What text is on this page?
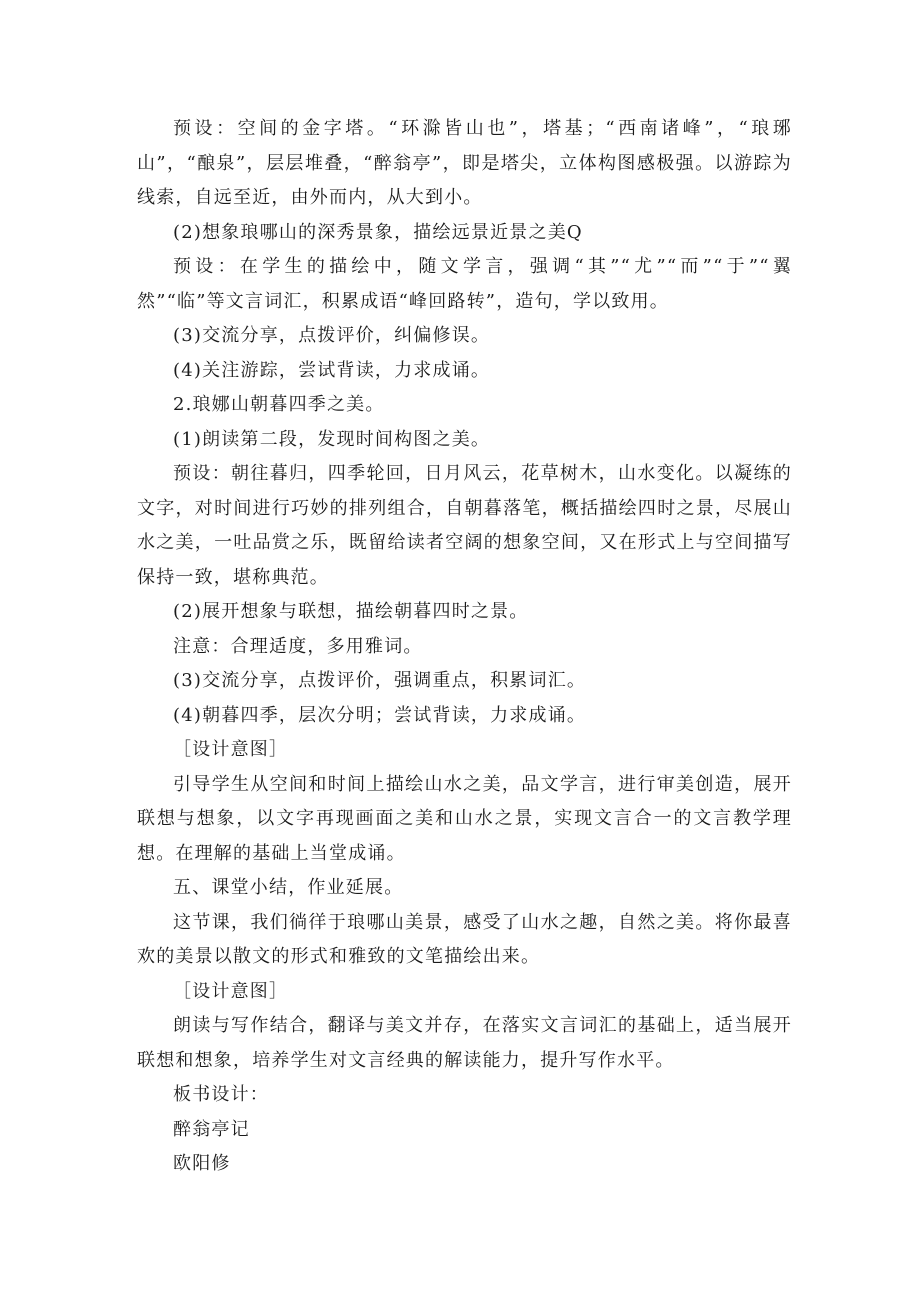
预设：空间的金字塔。“环滁皆山也”，塔基；“西南诸峰”，“琅琊山”，“酿泉”，层层堆叠，“醉翁亭”，即是塔尖，立体构图感极强。以游踪为线索，自远至近，由外而内，从大到小。

(2)想象琅哪山的深秀景象，描绘远景近景之美Q

预设：在学生的描绘中，随文学言，强调“其”“尤”“而”“于”“翼然”“临”等文言词汇，积累成语“峰回路转”，造句，学以致用。

(3)交流分享，点拨评价，纠偏修误。

(4)关注游踪，尝试背读，力求成诵。

2.琅娜山朝暮四季之美。

(1)朗读第二段，发现时间构图之美。

预设：朝往暮归，四季轮回，日月风云，花草树木，山水变化。以凝练的文字，对时间进行巧妙的排列组合，自朝暮落笔，概括描绘四时之景，尽展山水之美，一吐品赏之乐，既留给读者空阔的想象空间，又在形式上与空间描写保持一致，堪称典范。

(2)展开想象与联想，描绘朝暮四时之景。

注意：合理适度，多用雅词。

(3)交流分享，点拨评价，强调重点，积累词汇。

(4)朝暮四季，层次分明；尝试背读，力求成诵。

［设计意图］

引导学生从空间和时间上描绘山水之美，品文学言，进行审美创造，展开联想与想象，以文字再现画面之美和山水之景，实现文言合一的文言教学理想。在理解的基础上当堂成诵。

五、课堂小结，作业延展。

这节课，我们徜徉于琅哪山美景，感受了山水之趣，自然之美。将你最喜欢的美景以散文的形式和雅致的文笔描绘出来。

［设计意图］

朗读与写作结合，翻译与美文并存，在落实文言词汇的基础上，适当展开联想和想象，培养学生对文言经典的解读能力，提升写作水平。

板书设计：

醉翁亭记

欧阳修
